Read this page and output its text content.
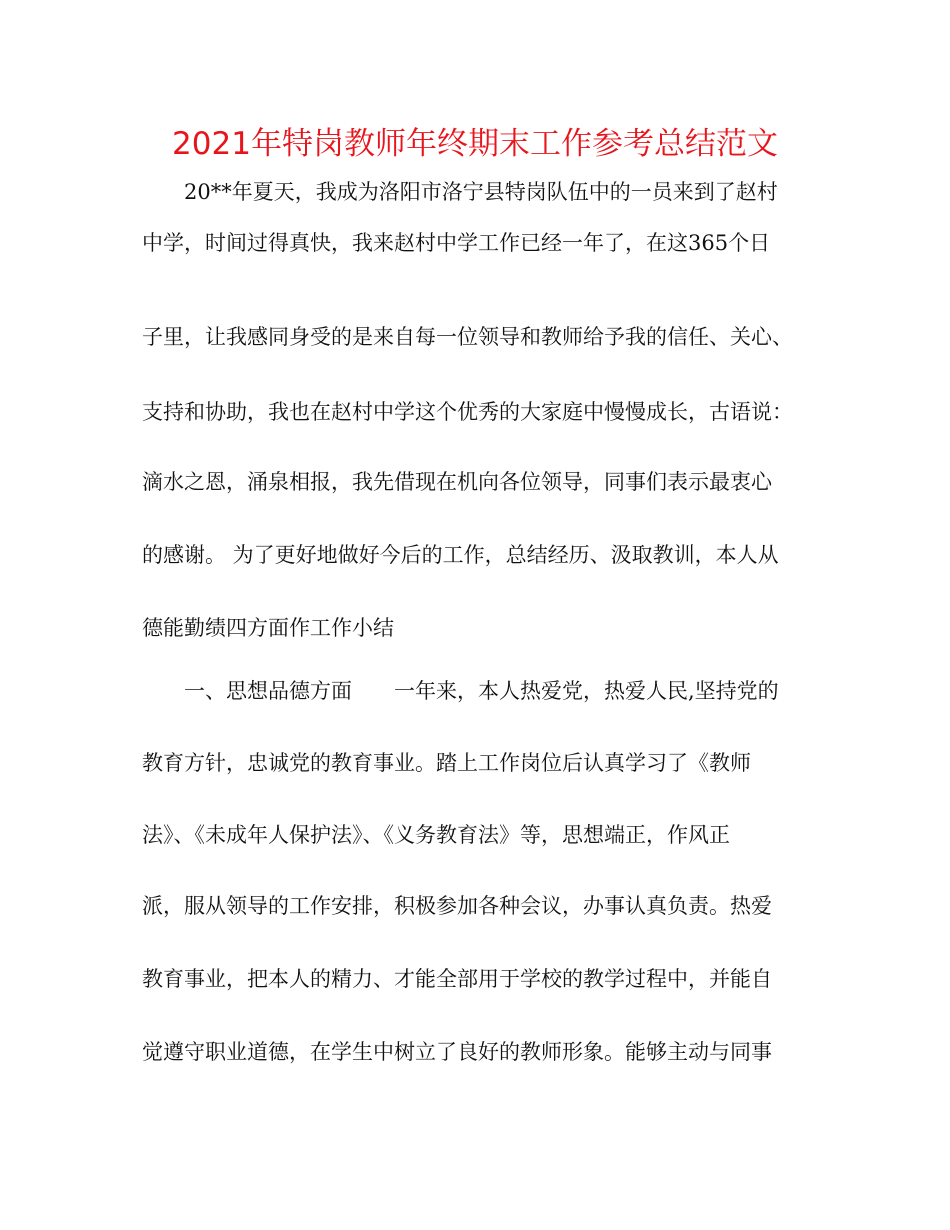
2021年特岗教师年终期末工作参考总结范文
　　20**年夏天，我成为洛阳市洛宁县特岗队伍中的一员来到了赵村
中学，时间过得真快，我来赵村中学工作已经一年了，在这365个日
子里，让我感同身受的是来自每一位领导和教师给予我的信任、关心、
支持和协助，我也在赵村中学这个优秀的大家庭中慢慢成长，古语说：
滴水之恩，涌泉相报，我先借现在机向各位领导，同事们表示最衷心
的感谢。 为了更好地做好今后的工作，总结经历、汲取教训，本人从
德能勤绩四方面作工作小结
　　一、思想品德方面　　一年来，本人热爱党，热爱人民,坚持党的
教育方针，忠诚党的教育事业。踏上工作岗位后认真学习了《教师
法》、《未成年人保护法》、《义务教育法》等，思想端正，作风正
派，服从领导的工作安排，积极参加各种会议，办事认真负责。热爱
教育事业，把本人的精力、才能全部用于学校的教学过程中，并能自
觉遵守职业道德，在学生中树立了良好的教师形象。能够主动与同事
